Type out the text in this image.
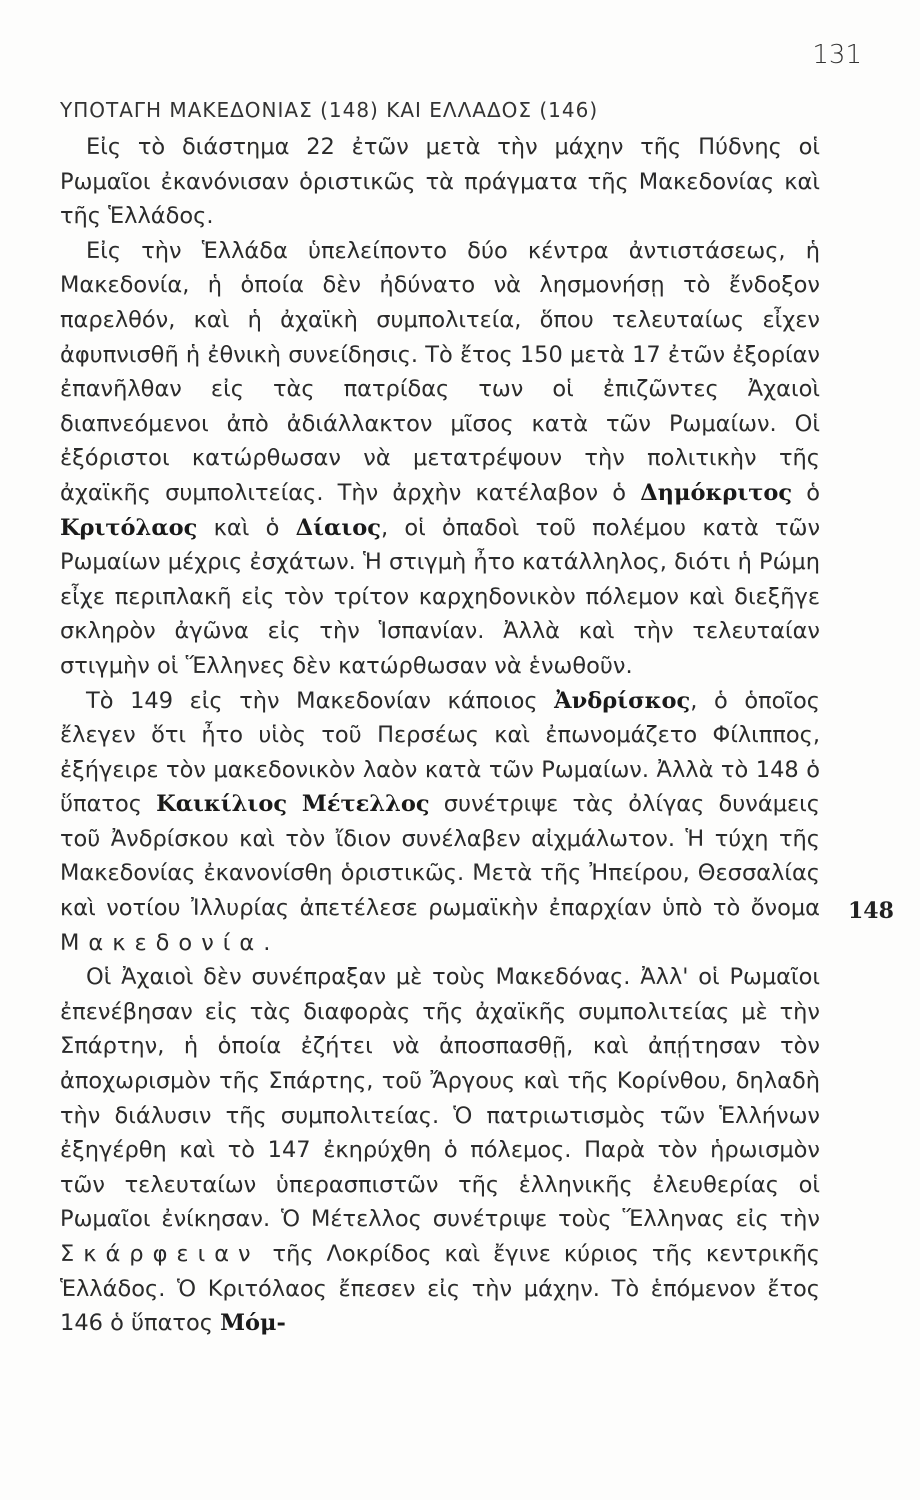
131
ΥΠΟΤΑΓΗ ΜΑΚΕΔΟΝΙΑΣ (148) ΚΑΙ ΕΛΛΑΔΟΣ (146)

Εἰς τὸ διάστημα 22 ἐτῶν μετὰ τὴν μάχην τῆς Πύδνης οἱ Ρωμαῖοι ἐκανόνισαν ὁριστικῶς τὰ πράγματα τῆς Μακεδονίας καὶ τῆς Ἑλλάδος.

Εἰς τὴν Ἑλλάδα ὑπελείποντο δύο κέντρα ἀντιστάσεως, ἡ Μακεδονία, ἡ ὁποία δὲν ἠδύνατο νὰ λησμονήσῃ τὸ ἔνδοξον παρελθόν, καὶ ἡ ἀχαϊκὴ συμπολιτεία, ὅπου τελευταίως εἶχεν ἀφυπνισθῆ ἡ ἐθνικὴ συνείδησις. Τὸ ἔτος 150 μετὰ 17 ἐτῶν ἐξορίαν ἐπανῆλθαν εἰς τὰς πατρίδας των οἱ ἐπιζῶντες Ἀχαιοὶ διαπνεόμενοι ἀπὸ ἀδιάλλακτον μῖσος κατὰ τῶν Ρωμαίων. Οἱ ἐξόριστοι κατώρθωσαν νὰ μετατρέψουν τὴν πολιτικὴν τῆς ἀχαϊκῆς συμπολιτείας. Τὴν ἀρχὴν κατέλαβον ὁ Δημόκριτος ὁ Κριτόλαος καὶ ὁ Δίαιος, οἱ ὀπαδοὶ τοῦ πολέμου κατὰ τῶν Ρωμαίων μέχρις ἐσχάτων. Ἡ στιγμὴ ἦτο κατάλληλος, διότι ἡ Ρώμη εἶχε περιπλακῆ εἰς τὸν τρίτον καρχηδονικὸν πόλεμον καὶ διεξῆγε σκληρὸν ἀγῶνα εἰς τὴν Ἱσπανίαν. Ἀλλὰ καὶ τὴν τελευταίαν στιγμὴν οἱ Ἕλληνες δὲν κατώρθωσαν νὰ ἑνωθοῦν.

Τὸ 149 εἰς τὴν Μακεδονίαν κάποιος Ἀνδρίσκος, ὁ ὁποῖος ἔλεγεν ὅτι ἦτο υἱὸς τοῦ Περσέως καὶ ἐπωνομάζετο Φίλιππος, ἐξήγειρε τὸν μακεδονικὸν λαὸν κατὰ τῶν Ρωμαίων. Ἀλλὰ τὸ 148 ὁ ὕπατος Καικίλιος Μέτελλος συνέτριψε τὰς ὀλίγας δυνάμεις τοῦ Ἀνδρίσκου καὶ τὸν ἴδιον συνέλαβεν αἰχμάλωτον. Ἡ τύχη τῆς Μακεδονίας ἐκανονίσθη ὁριστικῶς. Μετὰ τῆς Ἠπείρου, Θεσσαλίας καὶ νοτίου Ἰλλυρίας ἀπετέλεσε ρωμαϊκὴν ἐπαρχίαν ὑπὸ τὸ ὄνομα Μακεδονία.

Οἱ Ἀχαιοὶ δὲν συνέπραξαν μὲ τοὺς Μακεδόνας. Ἀλλ' οἱ Ρωμαῖοι ἐπενέβησαν εἰς τὰς διαφορὰς τῆς ἀχαϊκῆς συμπολιτείας μὲ τὴν Σπάρτην, ἡ ὁποία ἐζήτει νὰ ἀποσπασθῇ, καὶ ἀπῄτησαν τὸν ἀποχωρισμὸν τῆς Σπάρτης, τοῦ Ἄργους καὶ τῆς Κορίνθου, δηλαδὴ τὴν διάλυσιν τῆς συμπολιτείας. Ὁ πατριωτισμὸς τῶν Ἑλλήνων ἐξηγέρθη καὶ τὸ 147 ἐκηρύχθη ὁ πόλεμος. Παρὰ τὸν ἡρωισμὸν τῶν τελευταίων ὑπερασπιστῶν τῆς ἑλληνικῆς ἐλευθερίας οἱ Ρωμαῖοι ἐνίκησαν. Ὁ Μέτελλος συνέτριψε τοὺς Ἕλληνας εἰς τὴν Σκάρφειαν τῆς Λοκρίδος καὶ ἔγινε κύριος τῆς κεντρικῆς Ἑλλάδος. Ὁ Κριτόλαος ἔπεσεν εἰς τὴν μάχην. Τὸ ἑπόμενον ἔτος 146 ὁ ὕπατος Μόμ-

148
